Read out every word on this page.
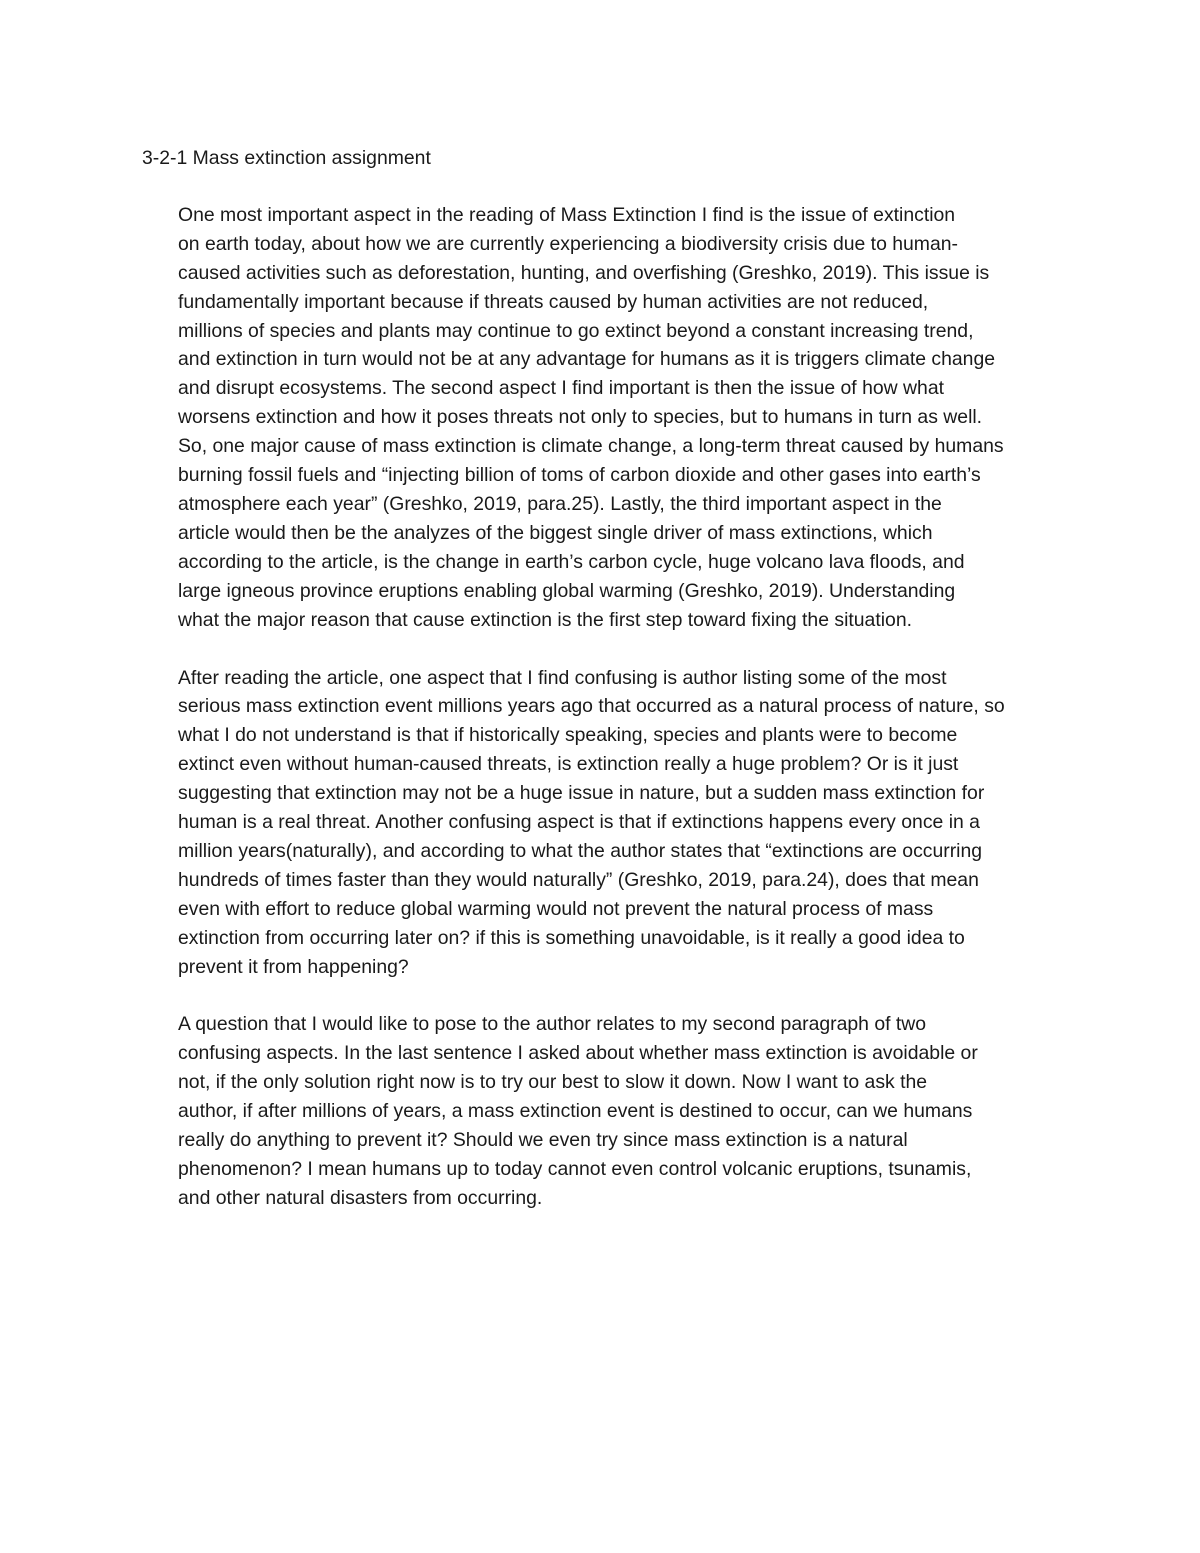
3-2-1 Mass extinction assignment

One most important aspect in the reading of Mass Extinction I find is the issue of extinction
on earth today, about how we are currently experiencing a biodiversity crisis due to human-
caused activities such as deforestation, hunting, and overfishing (Greshko, 2019). This issue is
fundamentally important because if threats caused by human activities are not reduced,
millions of species and plants may continue to go extinct beyond a constant increasing trend,
and extinction in turn would not be at any advantage for humans as it is triggers climate change
and disrupt ecosystems. The second aspect I find important is then the issue of how what
worsens extinction and how it poses threats not only to species, but to humans in turn as well.
So, one major cause of mass extinction is climate change, a long-term threat caused by humans
burning fossil fuels and “injecting billion of toms of carbon dioxide and other gases into earth’s
atmosphere each year” (Greshko, 2019, para.25). Lastly, the third important aspect in the
article would then be the analyzes of the biggest single driver of mass extinctions, which
according to the article, is the change in earth’s carbon cycle, huge volcano lava floods, and
large igneous province eruptions enabling global warming (Greshko, 2019). Understanding
what the major reason that cause extinction is the first step toward fixing the situation.

After reading the article, one aspect that I find confusing is author listing some of the most
serious mass extinction event millions years ago that occurred as a natural process of nature, so
what I do not understand is that if historically speaking, species and plants were to become
extinct even without human-caused threats, is extinction really a huge problem? Or is it just
suggesting that extinction may not be a huge issue in nature, but a sudden mass extinction for
human is a real threat. Another confusing aspect is that if extinctions happens every once in a
million years(naturally), and according to what the author states that “extinctions are occurring
hundreds of times faster than they would naturally” (Greshko, 2019, para.24), does that mean
even with effort to reduce global warming would not prevent the natural process of mass
extinction from occurring later on? if this is something unavoidable, is it really a good idea to
prevent it from happening?

A question that I would like to pose to the author relates to my second paragraph of two
confusing aspects. In the last sentence I asked about whether mass extinction is avoidable or
not, if the only solution right now is to try our best to slow it down. Now I want to ask the
author, if after millions of years, a mass extinction event is destined to occur, can we humans
really do anything to prevent it? Should we even try since mass extinction is a natural
phenomenon? I mean humans up to today cannot even control volcanic eruptions, tsunamis,
and other natural disasters from occurring.
